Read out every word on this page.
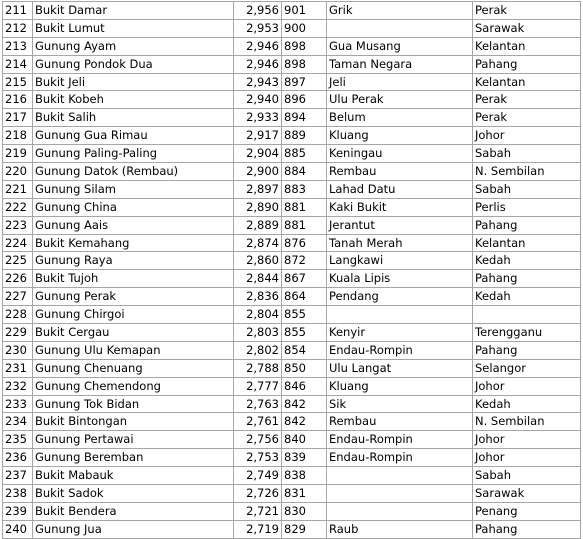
211	Bukit Damar	2,956	901	Grik	Perak
212	Bukit Lumut	2,953	900		Sarawak
213	Gunung Ayam	2,946	898	Gua Musang	Kelantan
214	Gunung Pondok Dua	2,946	898	Taman Negara	Pahang
215	Bukit Jeli	2,943	897	Jeli	Kelantan
216	Bukit Kobeh	2,940	896	Ulu Perak	Perak
217	Bukit Salih	2,933	894	Belum	Perak
218	Gunung Gua Rimau	2,917	889	Kluang	Johor
219	Gunung Paling-Paling	2,904	885	Keningau	Sabah
220	Gunung Datok (Rembau)	2,900	884	Rembau	N. Sembilan
221	Gunung Silam	2,897	883	Lahad Datu	Sabah
222	Gunung China	2,890	881	Kaki Bukit	Perlis
223	Gunung Aais	2,889	881	Jerantut	Pahang
224	Bukit Kemahang	2,874	876	Tanah Merah	Kelantan
225	Gunung Raya	2,860	872	Langkawi	Kedah
226	Bukit Tujoh	2,844	867	Kuala Lipis	Pahang
227	Gunung Perak	2,836	864	Pendang	Kedah
228	Gunung Chirgoi	2,804	855		
229	Bukit Cergau	2,803	855	Kenyir	Terengganu
230	Gunung Ulu Kemapan	2,802	854	Endau-Rompin	Pahang
231	Gunung Chenuang	2,788	850	Ulu Langat	Selangor
232	Gunung Chemendong	2,777	846	Kluang	Johor
233	Gunung Tok Bidan	2,763	842	Sik	Kedah
234	Bukit Bintongan	2,761	842	Rembau	N. Sembilan
235	Gunung Pertawai	2,756	840	Endau-Rompin	Johor
236	Gunung Beremban	2,753	839	Endau-Rompin	Johor
237	Bukit Mabauk	2,749	838		Sabah
238	Bukit Sadok	2,726	831		Sarawak
239	Bukit Bendera	2,721	830		Penang
240	Gunung Jua	2,719	829	Raub	Pahang
